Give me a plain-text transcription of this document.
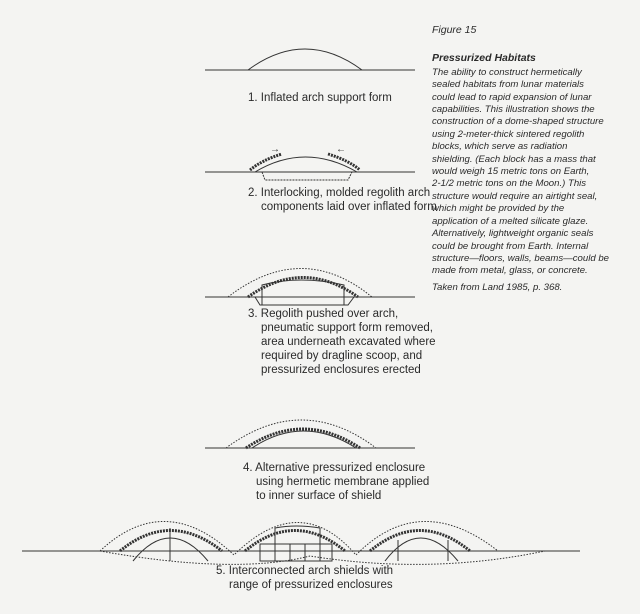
→	←
1. Inflated arch support form
2. Interlocking, molded regolith arch
components laid over inflated form
3. Regolith pushed over arch,
pneumatic support form removed,
area underneath excavated where
required by dragline scoop, and
pressurized enclosures erected
4. Alternative pressurized enclosure
using hermetic membrane applied
to inner surface of shield
5. Interconnected arch shields with
range of pressurized enclosures
Figure 15
Pressurized Habitats
The ability to construct hermetically
sealed habitats from lunar materials
could lead to rapid expansion of lunar
capabilities. This illustration shows the
construction of a dome-shaped structure
using 2-meter-thick sintered regolith
blocks, which serve as radiation
shielding. (Each block has a mass that
would weigh 15 metric tons on Earth,
2-1/2 metric tons on the Moon.) This
structure would require an airtight seal,
which might be provided by the
application of a melted silicate glaze.
Alternatively, lightweight organic seals
could be brought from Earth. Internal
structure—floors, walls, beams—could be
made from metal, glass, or concrete.
Taken from Land 1985, p. 368.
